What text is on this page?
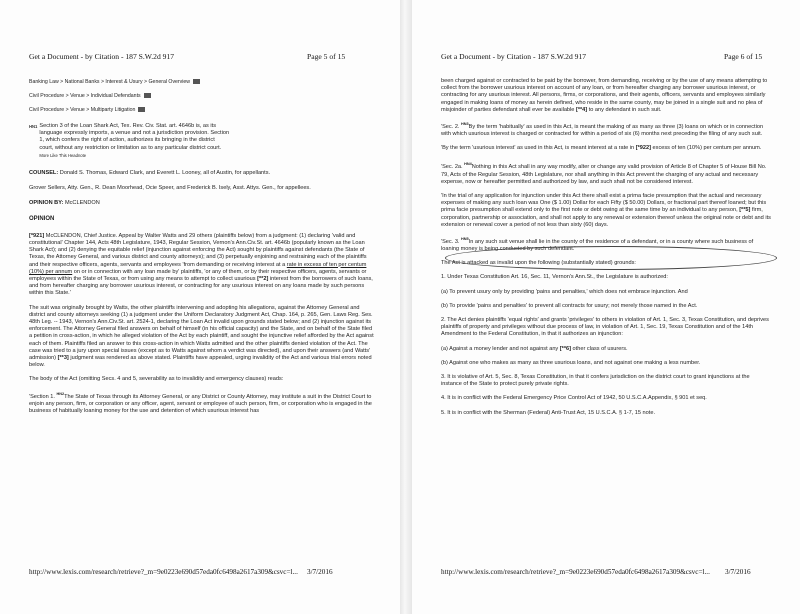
Get a Document - by Citation - 187 S.W.2d 917	Page 5 of 15
Banking Law > National Banks > Interest & Usury > General Overview
Civil Procedure > Venue > Individual Defendants
Civil Procedure > Venue > Multiparty Litigation
HN1 Section 3 of the Loan Shark Act, Tex. Rev. Civ. Stat. art. 4646b is, as its language expressly imports, a venue and not a jurisdiction provision. Section 1, which confers the right of action, authorizes its bringing in the district court, without any restriction or limitation as to any particular district court. More Like This Headnote
COUNSEL: Donald S. Thomas, Edward Clark, and Everett L. Looney, all of Austin, for appellants.

Grover Sellers, Atty. Gen., R. Dean Moorhead, Ocie Speer, and Frederick B. Isely, Asst. Attys. Gen., for appellees.

OPINION BY: McCLENDON
OPINION

[*921] McCLENDON, Chief Justice. Appeal by Walter Watts and 29 others (plaintiffs below) from a judgment: (1) declaring 'valid and constitutional' Chapter 144, Acts 48th Legislature, 1943, Regular Session, Vernon's Ann.Civ.St. art. 4646b (popularly known as the Loan Shark Act); and (2) denying the equitable relief (injunction against enforcing the Act) sought by plaintiffs against defendants (the State of Texas, the Attorney General, and various district and county attorneys); and (3) perpetually enjoining and restraining each of the plaintiffs and their respective officers, agents, servants and employees 'from demanding or receiving interest at a rate in excess of ten per centum (10%) per annum on or in connection with any loan made by' plaintiffs, 'or any of them, or by their respective officers, agents, servants or employees within the State of Texas, or from using any means to attempt to collect usurious [**2] interest from the borrowers of such loans, and from hereafter charging any borrower usurious interest, or contracting for any usurious interest on any loans made by such persons within this State.'

The suit was originally brought by Watts, the other plaintiffs intervening and adopting his allegations, against the Attorney General and district and county attorneys seeking (1) a judgment under the Uniform Declaratory Judgment Act, Chap. 164, p. 265, Gen. Laws Reg. Ses. 48th Leg. -- 1943, Vernon's Ann.Civ.St. art. 2524-1, declaring the Loan Act invalid upon grounds stated below; and (2) injunction against its enforcement. The Attorney General filed answers on behalf of himself (in his official capacity) and the State, and on behalf of the State filed a petition in cross-action, in which he alleged violation of the Act by each plaintiff, and sought the injunctive relief afforded by the Act against each of them. Plaintiffs filed an answer to this cross-action in which Watts admitted and the other plaintiffs denied violation of the Act. The case was tried to a jury upon special issues (except as to Watts against whom a verdict was directed), and upon their answers (and Watts' admission) [**3] judgment was rendered as above stated. Plaintiffs have appealed, urging invalidity of the Act and various trial errors noted below.

The body of the Act (omitting Secs. 4 and 5, severability as to invalidity and emergency clauses) reads:

'Section 1. $^{HN2}$The State of Texas through its Attorney General, or any District or County Attorney, may institute a suit in the District Court to enjoin any person, firm, or corporation or any officer, agent, servant or employee of such person, firm, or corporation who is engaged in the business of habitually loaning money for the use and detention of which usurious interest has

http://www.lexis.com/research/retrieve?_m=9e0223e690d57eda0fc6498a2617a309&csvc=l... 3/7/2016
Get a Document - by Citation - 187 S.W.2d 917	Page 6 of 15

been charged against or contracted to be paid by the borrower, from demanding, receiving or by the use of any means attempting to collect from the borrower usurious interest on account of any loan, or from hereafter charging any borrower usurious interest, or contracting for any usurious interest. All persons, firms, or corporations, and their agents, officers, servants and employees similarly engaged in making loans of money as herein defined, who reside in the same county, may be joined in a single suit and no plea of misjoinder of parties defendant shall ever be available [**4] to any defendant in such suit.

'Sec. 2. $^{HN3}$By the term 'habitually' as used in this Act, is meant the making of as many as three (3) loans on which or in connection with which usurious interest is charged or contracted for within a period of six (6) months next preceding the filing of any such suit.

'By the term 'usurious interest' as used in this Act, is meant interest at a rate in [*922] excess of ten (10%) per centum per annum.

'Sec. 2a. $^{HN4}$Nothing in this Act shall in any way modify, alter or change any valid provision of Article 8 of Chapter 5 of House Bill No. 79, Acts of the Regular Session, 48th Legislature, nor shall anything in this Act prevent the charging of any actual and necessary expense, now or hereafter permitted and authorized by law, and such shall not be considered interest.

'In the trial of any application for injunction under this Act there shall exist a prima facie presumption that the actual and necessary expenses of making any such loan was One ($ 1.00) Dollar for each Fifty ($ 50.00) Dollars, or fractional part thereof loaned; but this prima facie presumption shall extend only to the first note or debt owing at the same time by an individual to any person, [**5] firm, corporation, partnership or association, and shall not apply to any renewal or extension thereof unless the original note or debt and its extension or renewal cover a period of not less than sixty (60) days.

'Sec. 3. $^{HN5}$In any such suit venue shall lie in the county of the residence of a defendant, or in a county where such business of loaning money is being conducted by such defendant.'

The Act is attacked as invalid upon the following (substantially stated) grounds:

1. Under Texas Constitution Art. 16, Sec. 11, Vernon's Ann.St., the Legislature is authorized:

(a) To prevent usury only by providing 'pains and penalties,' which does not embrace injunction. And

(b) To provide 'pains and penalties' to prevent all contracts for usury; not merely those named in the Act.

2. The Act denies plaintiffs 'equal rights' and grants 'privileges' to others in violation of Art. 1, Sec. 3, Texas Constitution, and deprives plaintiffs of property and privileges without due process of law, in violation of Art. 1, Sec. 19, Texas Constitution and of the 14th Amendment to the Federal Constitution, in that it authorizes an injunction:

(a) Against a money lender and not against any [**6] other class of usurers.

(b) Against one who makes as many as three usurious loans, and not against one making a less number.

3. It is violative of Art. 5, Sec. 8, Texas Constitution, in that it confers jurisdiction on the district court to grant injunctions at the instance of the State to protect purely private rights.

4. It is in conflict with the Federal Emergency Price Control Act of 1942, 50 U.S.C.A.Appendix, § 901 et seq.

5. It is in conflict with the Sherman (Federal) Anti-Trust Act, 15 U.S.C.A. § 1-7, 15 note.

http://www.lexis.com/research/retrieve?_m=9e0223e690d57eda0fc6498a2617a309&csvc=l... 3/7/2016
